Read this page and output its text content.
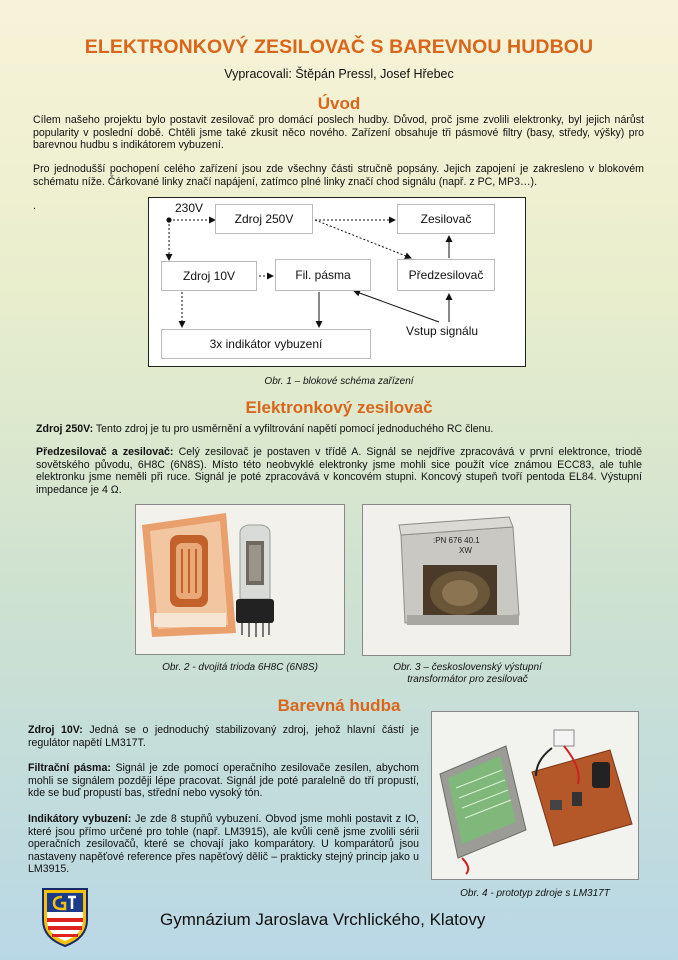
ELEKTRONKOVÝ ZESILOVAČ S BAREVNOU HUDBOU
Vypracovali: Štěpán Pressl, Josef Hřebec
Úvod
Cílem našeho projektu bylo postavit zesilovač pro domácí poslech hudby. Důvod, proč jsme zvolili elektronky, byl jejich nárůst popularity v poslední době. Chtěli jsme také zkusit něco nového. Zařízení obsahuje tři pásmové filtry (basy, středy, výšky) pro barevnou hudbu s indikátorem vybuzení.
Pro jednodušší pochopení celého zařízení jsou zde všechny části stručně popsány. Jejich zapojení je zakresleno v blokovém schématu níže. Čárkované linky značí napájení, zatímco plné linky značí chod signálu (např. z PC, MP3…).
.	230V
Zdroj 250V	Zesilovač
Zdroj 10V	Fil. pásma	Předzesilovač
Vstup signálu
3x indikátor vybuzení
Obr. 1 – blokové schéma zařízení
Elektronkový zesilovač
Zdroj 250V: Tento zdroj je tu pro usměrnění a vyfiltrování napětí pomocí jednoduchého RC členu.
Předzesilovač a zesilovač: Celý zesilovač je postaven v třídě A. Signál se nejdříve zpracovává v první elektronce, triodě sovětského původu, 6H8C (6N8S). Místo této neobvyklé elektronky jsme mohli sice použít více známou ECC83, ale tuhle elektronku jsme neměli při ruce. Signál je poté zpracovává v koncovém stupni. Koncový stupeň tvoří pentoda EL84. Výstupní impedance je 4 Ω.
:PN 676 40.1
XW
Obr. 2 - dvojitá trioda 6H8C (6N8S)	Obr. 3 – československý výstupní
transformátor pro zesilovač
Barevná hudba
Zdroj 10V: Jedná se o jednoduchý stabilizovaný zdroj, jehož hlavní částí je regulátor napětí LM317T.
Filtrační pásma: Signál je zde pomocí operačního zesilovače zesílen, abychom mohli se signálem později lépe pracovat. Signál jde poté paralelně do tří propustí, kde se buď propustí bas, střední nebo vysoký tón.
Indikátory vybuzení: Je zde 8 stupňů vybuzení. Obvod jsme mohli postavit z IO, které jsou přímo určené pro tohle (např. LM3915), ale kvůli ceně jsme zvolili sérii operačních zesilovačů, které se chovají jako komparátory. U komparátorů jsou nastaveny napěťové reference přes napěťový dělič – prakticky stejný princip jako u LM3915.
Obr. 4 - prototyp zdroje s LM317T
Gymnázium Jaroslava Vrchlického, Klatovy
